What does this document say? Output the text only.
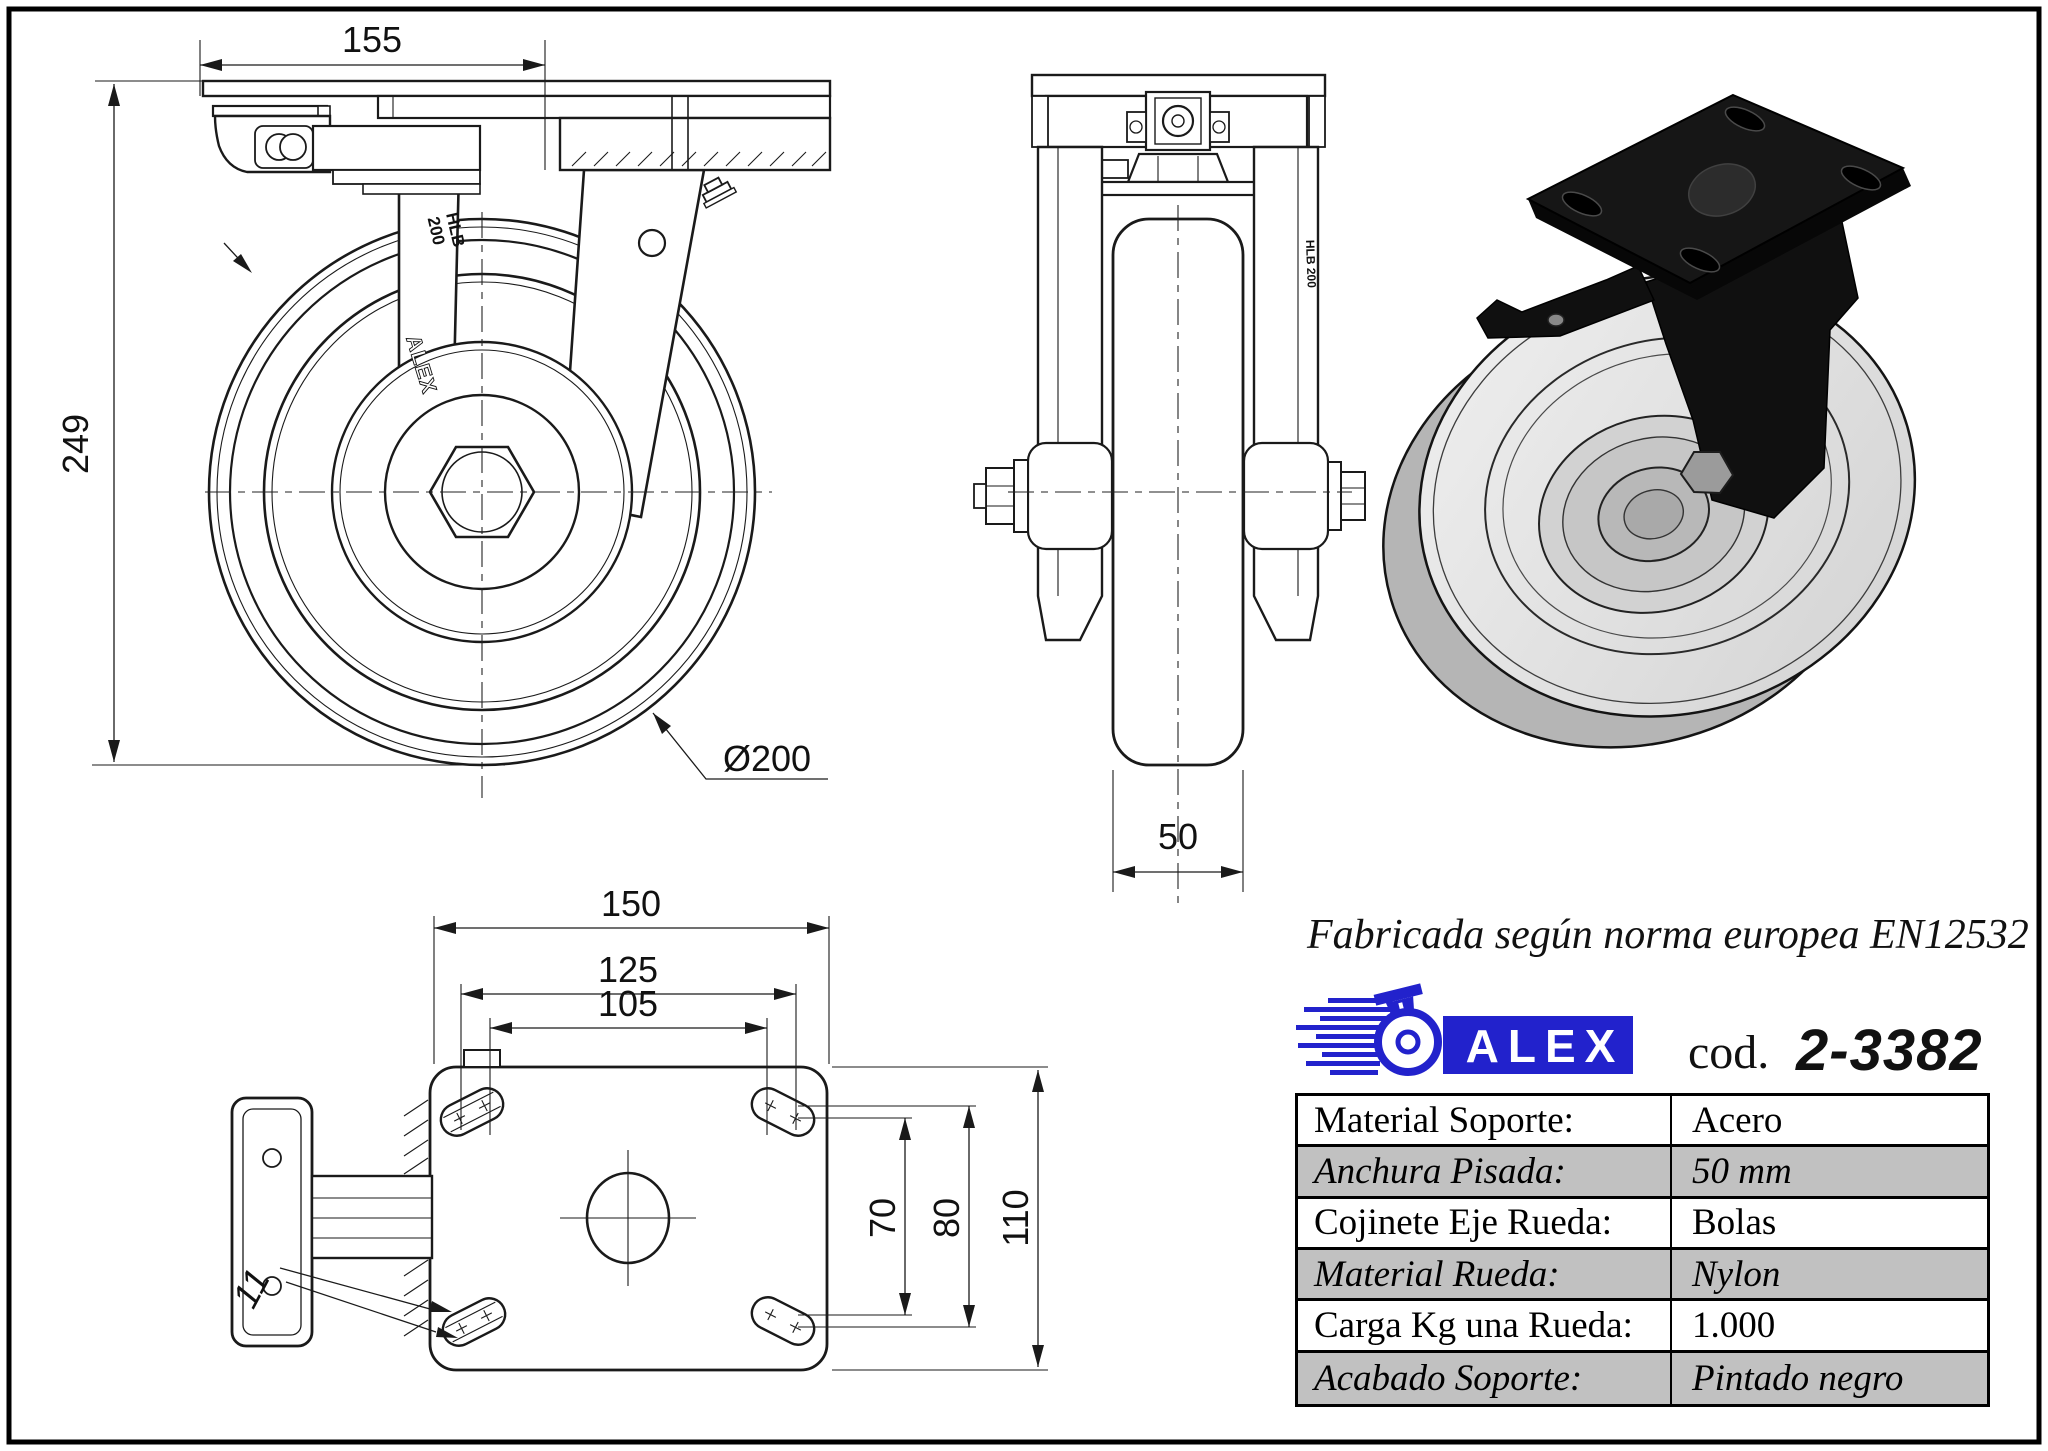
HLB
200
ALEX
249
155
Ø200
HLB 200
50
150
125
105
70 80 110
11
Fabricada según norma europea EN12532
ALEX cod. 2-3382
Material Soporte:	Acero
Anchura Pisada:	50 mm
Cojinete Eje Rueda:	Bolas
Material Rueda:	Nylon
Carga Kg una Rueda:	1.000
Acabado Soporte:	Pintado negro
